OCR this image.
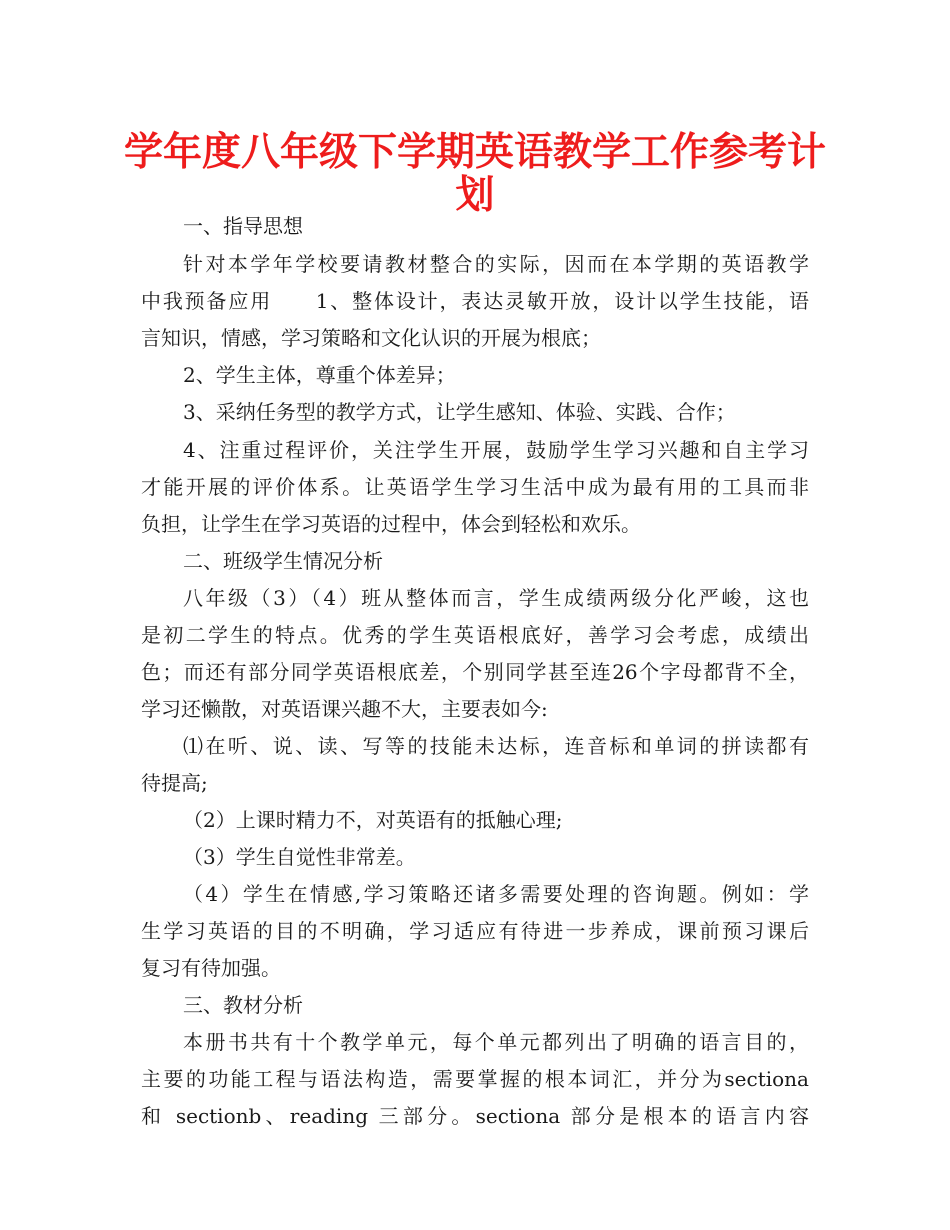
学年度八年级下学期英语教学工作参考计
划
一、指导思想
针对本学年学校要请教材整合的实际，因而在本学期的英语教学
中我预备应用　　1、整体设计，表达灵敏开放，设计以学生技能，语
言知识，情感，学习策略和文化认识的开展为根底；
2、学生主体，尊重个体差异；
3、采纳任务型的教学方式，让学生感知、体验、实践、合作；
4、注重过程评价，关注学生开展，鼓励学生学习兴趣和自主学习
才能开展的评价体系。让英语学生学习生活中成为最有用的工具而非
负担，让学生在学习英语的过程中，体会到轻松和欢乐。
二、班级学生情况分析
八年级（3）（4）班从整体而言，学生成绩两级分化严峻，这也
是初二学生的特点。优秀的学生英语根底好，善学习会考虑，成绩出
色；而还有部分同学英语根底差，个别同学甚至连26个字母都背不全，
学习还懒散，对英语课兴趣不大，主要表如今:
⑴在听、说、读、写等的技能未达标，连音标和单词的拼读都有
待提高;
（2）上课时精力不，对英语有的抵触心理;
（3）学生自觉性非常差。
（4）学生在情感,学习策略还诸多需要处理的咨询题。例如：学
生学习英语的目的不明确，学习适应有待进一步养成，课前预习课后
复习有待加强。
三、教材分析
本册书共有十个教学单元，每个单元都列出了明确的语言目的，
主要的功能工程与语法构造，需要掌握的根本词汇，并分为sectiona
和 sectionb、reading 三部分。sectiona 部分是根本的语言内容
